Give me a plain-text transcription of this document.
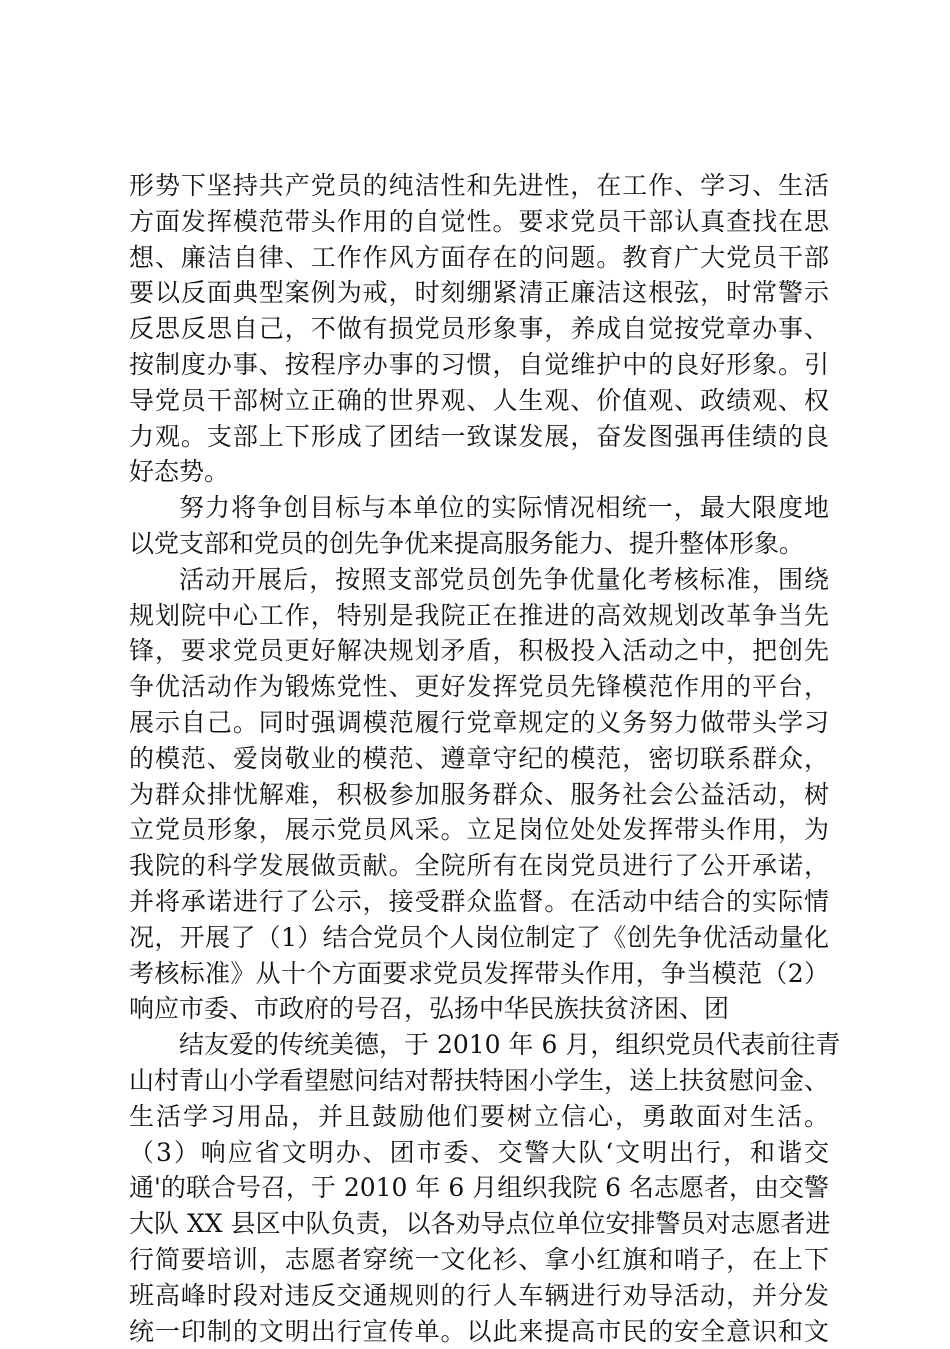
形势下坚持共产党员的纯洁性和先进性，在工作、学习、生活
方面发挥模范带头作用的自觉性。要求党员干部认真查找在思
想、廉洁自律、工作作风方面存在的问题。教育广大党员干部
要以反面典型案例为戒，时刻绷紧清正廉洁这根弦，时常警示
反思反思自己，不做有损党员形象事，养成自觉按党章办事、
按制度办事、按程序办事的习惯，自觉维护中的良好形象。引
导党员干部树立正确的世界观、人生观、价值观、政绩观、权
力观。支部上下形成了团结一致谋发展，奋发图强再佳绩的良
好态势。
努力将争创目标与本单位的实际情况相统一，最大限度地
以党支部和党员的创先争优来提高服务能力、提升整体形象。
活动开展后，按照支部党员创先争优量化考核标准，围绕
规划院中心工作，特别是我院正在推进的高效规划改革争当先
锋，要求党员更好解决规划矛盾，积极投入活动之中，把创先
争优活动作为锻炼党性、更好发挥党员先锋模范作用的平台，
展示自己。同时强调模范履行党章规定的义务努力做带头学习
的模范、爱岗敬业的模范、遵章守纪的模范，密切联系群众，
为群众排忧解难，积极参加服务群众、服务社会公益活动，树
立党员形象，展示党员风采。立足岗位处处发挥带头作用，为
我院的科学发展做贡献。全院所有在岗党员进行了公开承诺，
并将承诺进行了公示，接受群众监督。在活动中结合的实际情
况，开展了（1）结合党员个人岗位制定了《创先争优活动量化
考核标准》从十个方面要求党员发挥带头作用，争当模范（2）
响应市委、市政府的号召，弘扬中华民族扶贫济困、团
结友爱的传统美德，于 2010 年 6 月，组织党员代表前往青
山村青山小学看望慰问结对帮扶特困小学生，送上扶贫慰问金、
生活学习用品，并且鼓励他们要树立信心，勇敢面对生活。
（3）响应省文明办、团市委、交警大队‘文明出行，和谐交
通'的联合号召，于 2010 年 6 月组织我院 6 名志愿者，由交警
大队 XX 县区中队负责，以各劝导点位单位安排警员对志愿者进
行简要培训，志愿者穿统一文化衫、拿小红旗和哨子，在上下
班高峰时段对违反交通规则的行人车辆进行劝导活动，并分发
统一印制的文明出行宣传单。以此来提高市民的安全意识和文
